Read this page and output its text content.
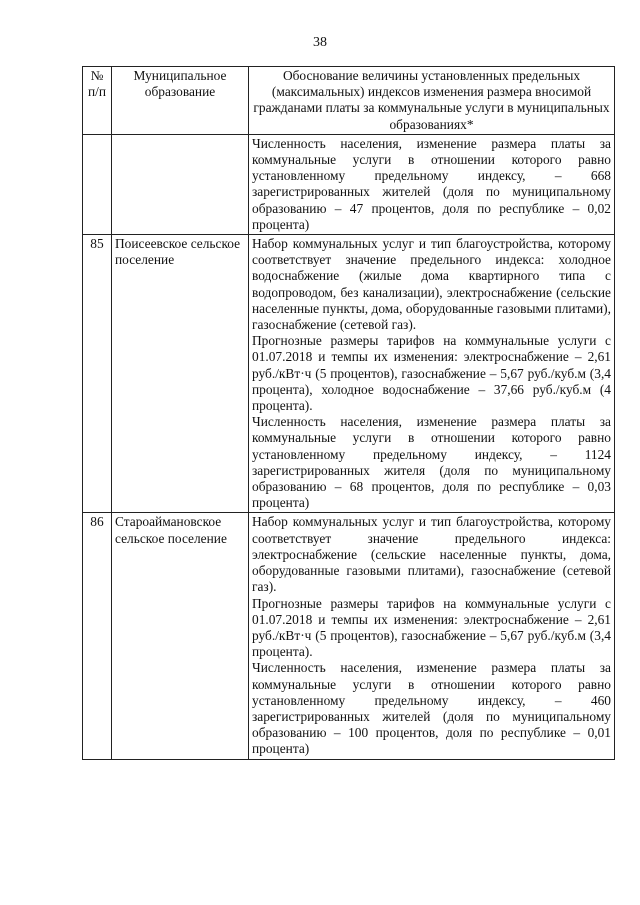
38
№ п/п	Муниципальное образование	Обоснование величины установленных предельных (максимальных) индексов изменения размера вносимой гражданами платы за коммунальные услуги в муниципальных образованиях*

		Численность населения, изменение размера платы за коммунальные услуги в отношении которого равно установленному предельному индексу, – 668 зарегистрированных жителей (доля по муниципальному образованию – 47 процентов, доля по республике – 0,02 процента)

85	Поисеевское сельское поселение	Набор коммунальных услуг и тип благоустройства, которому соответствует значение предельного индекса: холодное водоснабжение (жилые дома квартирного типа с водопроводом, без канализации), электроснабжение (сельские населенные пункты, дома, оборудованные газовыми плитами), газоснабжение (сетевой газ).

Прогнозные размеры тарифов на коммунальные услуги с 01.07.2018 и темпы их изменения: электроснабжение – 2,61 руб./кВт·ч (5 процентов), газоснабжение – 5,67 руб./куб.м (3,4 процента), холодное водоснабжение – 37,66 руб./куб.м (4 процента).

Численность населения, изменение размера платы за коммунальные услуги в отношении которого равно установленному предельному индексу, – 1124 зарегистрированных жителя (доля по муниципальному образованию – 68 процентов, доля по республике – 0,03 процента)

86	Староаймановское сельское поселение	Набор коммунальных услуг и тип благоустройства, которому соответствует значение предельного индекса: электроснабжение (сельские населенные пункты, дома, оборудованные газовыми плитами), газоснабжение (сетевой газ).

Прогнозные размеры тарифов на коммунальные услуги с 01.07.2018 и темпы их изменения: электроснабжение – 2,61 руб./кВт·ч (5 процентов), газоснабжение – 5,67 руб./куб.м (3,4 процента).

Численность населения, изменение размера платы за коммунальные услуги в отношении которого равно установленному предельному индексу, – 460 зарегистрированных жителей (доля по муниципальному образованию – 100 процентов, доля по республике – 0,01 процента)
